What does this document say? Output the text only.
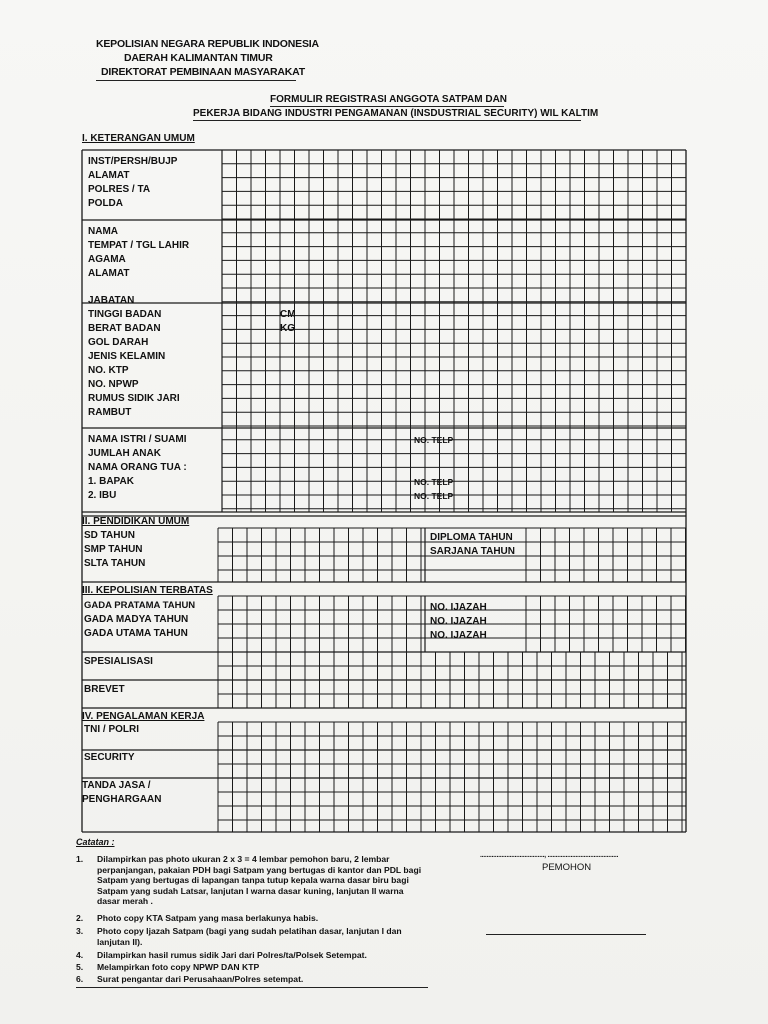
KEPOLISIAN NEGARA REPUBLIK INDONESIA
DAERAH KALIMANTAN TIMUR
DIREKTORAT PEMBINAAN MASYARAKAT
FORMULIR REGISTRASI ANGGOTA SATPAM DAN
PEKERJA BIDANG INDUSTRI PENGAMANAN (INSDUSTRIAL SECURITY) WIL KALTIM
I. KETERANGAN UMUM
INST/PERSH/BUJP
ALAMAT
POLRES / TA
POLDA
NAMA
TEMPAT / TGL LAHIR
AGAMA
ALAMAT
JABATAN
TINGGI BADAN
BERAT BADAN
GOL DARAH
JENIS KELAMIN
NO. KTP
NO. NPWP
RUMUS SIDIK JARI
RAMBUT
CM
KG
NAMA ISTRI / SUAMI
JUMLAH ANAK
NAMA ORANG TUA :
1. BAPAK
2. IBU
NO. TELP
NO. TELP
NO. TELP
II. PENDIDIKAN UMUM
SD TAHUN
SMP TAHUN
SLTA TAHUN
DIPLOMA TAHUN
SARJANA TAHUN
III. KEPOLISIAN TERBATAS
GADA PRATAMA TAHUN
GADA MADYA TAHUN
GADA UTAMA TAHUN
NO. IJAZAH
NO. IJAZAH
NO. IJAZAH
SPESIALISASI
BREVET
IV. PENGALAMAN KERJA
TNI / POLRI
SECURITY
TANDA JASA /
PENGHARGAAN
Catatan :
1. Dilampirkan pas photo ukuran 2 x 3 = 4 lembar pemohon baru, 2 lembar perpanjangan, pakaian PDH bagi Satpam yang bertugas di kantor dan PDL bagi Satpam yang bertugas di lapangan tanpa tutup kepala warna dasar biru bagi Satpam yang sudah Latsar, lanjutan I warna dasar kuning, lanjutan II warna dasar merah .
2. Photo copy KTA Satpam yang masa berlakunya habis.
3. Photo copy Ijazah Satpam (bagi yang sudah pelatihan dasar, lanjutan I dan lanjutan II).
4. Dilampirkan hasil rumus sidik Jari dari Polres/ta/Polsek Setempat.
5. Melampirkan foto copy NPWP DAN KTP
6. Surat pengantar dari Perusahaan/Polres setempat.
......................................., ...........................................
PEMOHON
